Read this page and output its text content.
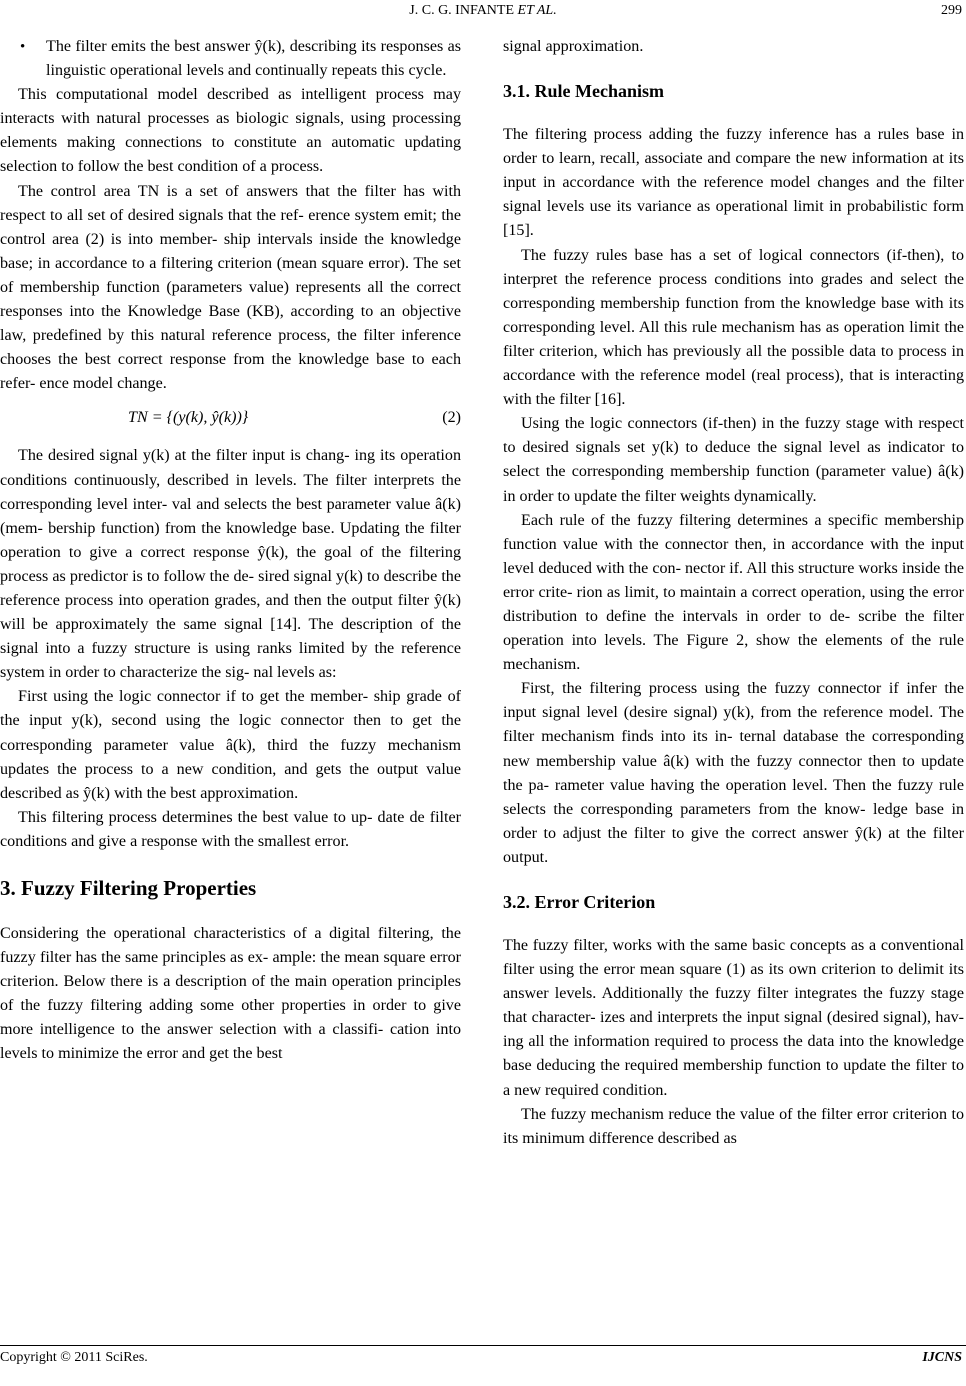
J. C. G. INFANTE ET AL.	299
• The filter emits the best answer ŷ(k), describing its responses as linguistic operational levels and continually repeats this cycle.

This computational model described as intelligent process may interacts with natural processes as biologic signals, using processing elements making connections to constitute an automatic updating selection to follow the best condition of a process.

The control area TN is a set of answers that the filter has with respect to all set of desired signals that the ref- erence system emit; the control area (2) is into member- ship intervals inside the knowledge base; in accordance to a filtering criterion (mean square error). The set of membership function (parameters value) represents all the correct responses into the Knowledge Base (KB), according to an objective law, predefined by this natural reference process, the filter inference chooses the best correct response from the knowledge base to each refer- ence model change.

TN = {(y(k), ŷ(k))}	(2)

The desired signal y(k) at the filter input is chang- ing its operation conditions continuously, described in levels. The filter interprets the corresponding level inter- val and selects the best parameter value â(k) (mem- bership function) from the knowledge base. Updating the filter operation to give a correct response ŷ(k), the goal of the filtering process as predictor is to follow the de- sired signal y(k) to describe the reference process into operation grades, and then the output filter ŷ(k) will be approximately the same signal [14]. The description of the signal into a fuzzy structure is using ranks limited by the reference system in order to characterize the sig- nal levels as:

First using the logic connector if to get the member- ship grade of the input y(k), second using the logic connector then to get the corresponding parameter value â(k), third the fuzzy mechanism updates the process to a new condition, and gets the output value described as ŷ(k) with the best approximation.

This filtering process determines the best value to up- date de filter conditions and give a response with the smallest error.

3. Fuzzy Filtering Properties

Considering the operational characteristics of a digital filtering, the fuzzy filter has the same principles as ex- ample: the mean square error criterion. Below there is a description of the main operation principles of the fuzzy filtering adding some other properties in order to give more intelligence to the answer selection with a classifi- cation into levels to minimize the error and get the best

signal approximation.

3.1. Rule Mechanism

The filtering process adding the fuzzy inference has a rules base in order to learn, recall, associate and compare the new information at its input in accordance with the reference model changes and the filter signal levels use its variance as operational limit in probabilistic form [15].

The fuzzy rules base has a set of logical connectors (if-then), to interpret the reference process conditions into grades and select the corresponding membership function from the knowledge base with its corresponding level. All this rule mechanism has as operation limit the filter criterion, which has previously all the possible data to process in accordance with the reference model (real process), that is interacting with the filter [16].

Using the logic connectors (if-then) in the fuzzy stage with respect to desired signals set y(k) to deduce the signal level as indicator to select the corresponding membership function (parameter value) â(k) in order to update the filter weights dynamically.

Each rule of the fuzzy filtering determines a specific membership function value with the connector then, in accordance with the input level deduced with the con- nector if. All this structure works inside the error crite- rion as limit, to maintain a correct operation, using the error distribution to define the intervals in order to de- scribe the filter operation into levels. The Figure 2, show the elements of the rule mechanism.

First, the filtering process using the fuzzy connector if infer the input signal level (desire signal) y(k), from the reference model. The filter mechanism finds into its in- ternal database the corresponding new membership value â(k) with the fuzzy connector then to update the pa- rameter value having the operation level. Then the fuzzy rule selects the corresponding parameters from the know- ledge base in order to adjust the filter to give the correct answer ŷ(k) at the filter output.

3.2. Error Criterion

The fuzzy filter, works with the same basic concepts as a conventional filter using the error mean square (1) as its own criterion to delimit its answer levels. Additionally the fuzzy filter integrates the fuzzy stage that character- izes and interprets the input signal (desired signal), hav- ing all the information required to process the data into the knowledge base deducing the required membership function to update the filter to a new required condition.

The fuzzy mechanism reduce the value of the filter error criterion to its minimum difference described as

Copyright © 2011 SciRes.	IJCNS
